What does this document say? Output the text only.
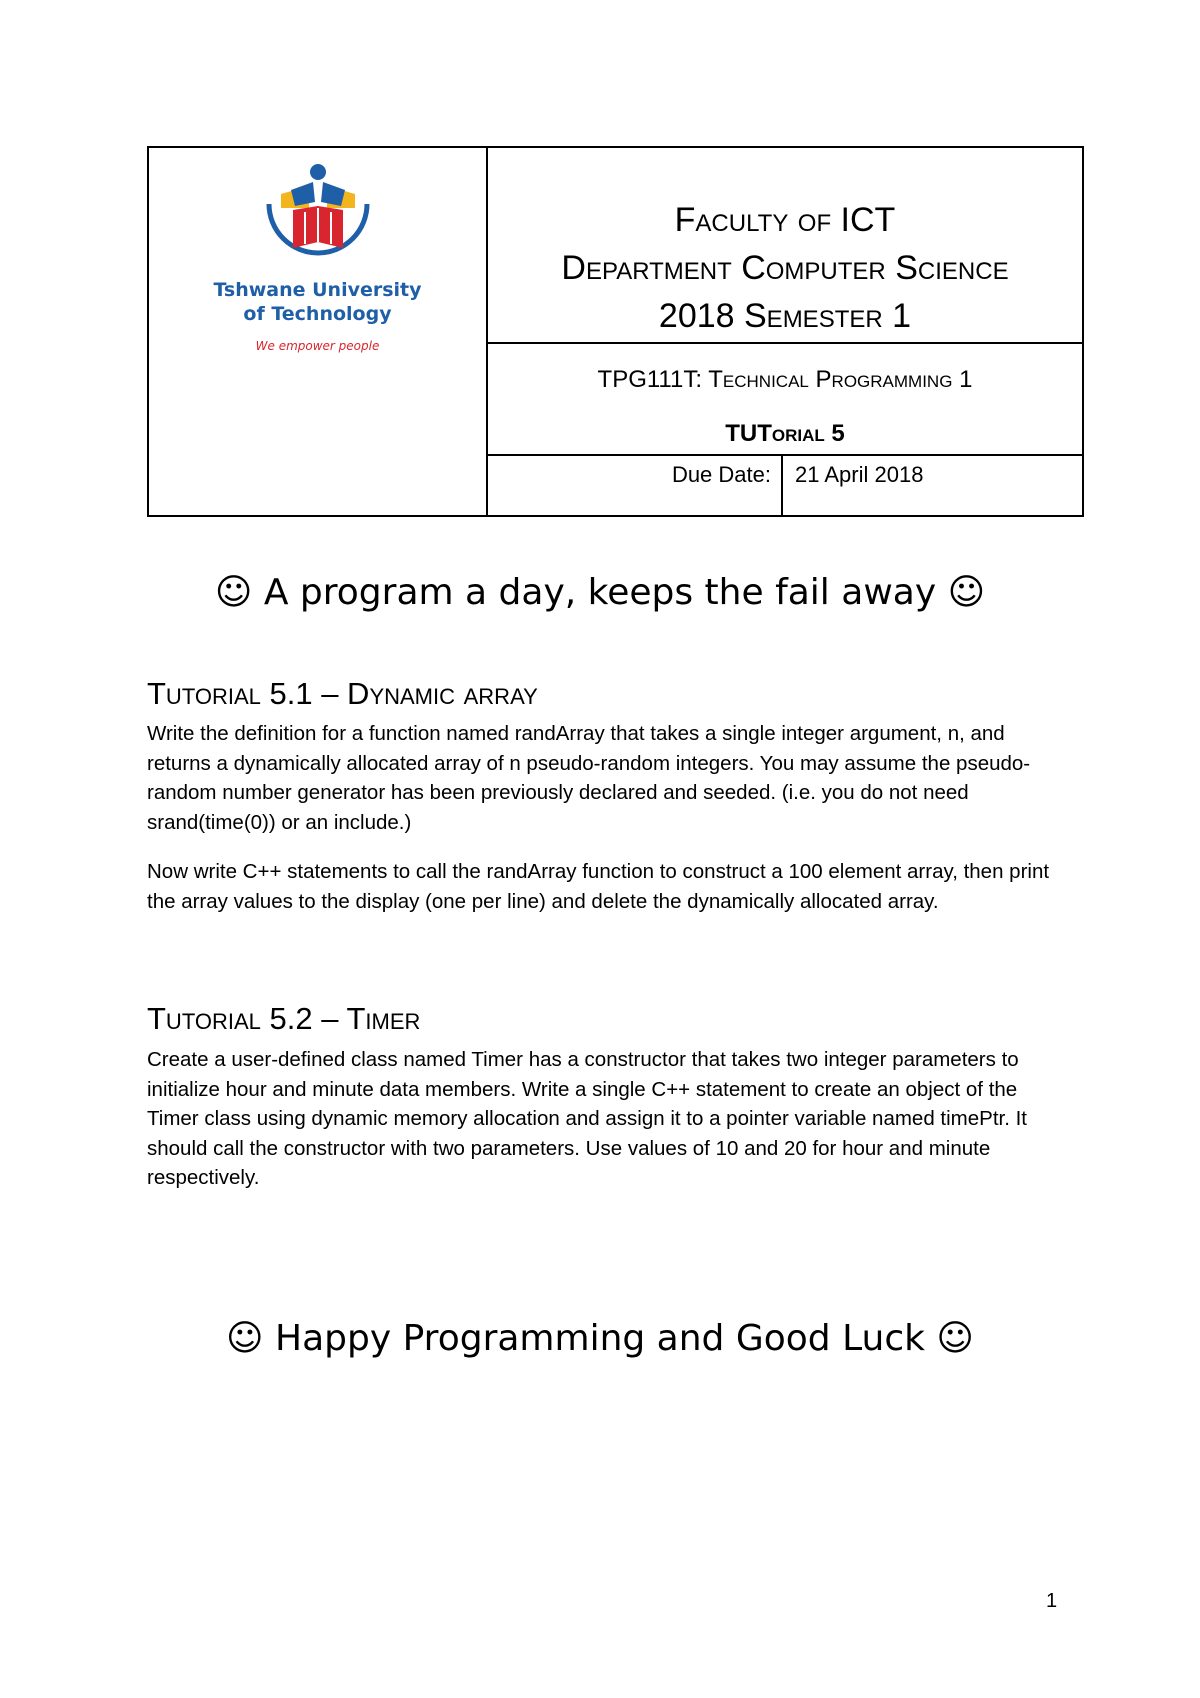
Tshwane University
of Technology
We empower people
Faculty of ICT
Department Computer Science
2018 Semester 1
TPG111T: Technical Programming 1
TUTorial 5
Due Date: 21 April 2018
☺ A program a day, keeps the fail away ☺
Tutorial 5.1 – Dynamic array
Write the definition for a function named randArray that takes a single integer argument, n, and returns a dynamically allocated array of n pseudo-random integers. You may assume the pseudo-random number generator has been previously declared and seeded. (i.e. you do not need srand(time(0)) or an include.)
Now write C++ statements to call the randArray function to construct a 100 element array, then print the array values to the display (one per line) and delete the dynamically allocated array.
Tutorial 5.2 – Timer
Create a user-defined class named Timer has a constructor that takes two integer parameters to initialize hour and minute data members. Write a single C++ statement to create an object of the Timer class using dynamic memory allocation and assign it to a pointer variable named timePtr. It should call the constructor with two parameters. Use values of 10 and 20 for hour and minute respectively.
☺ Happy Programming and Good Luck ☺
1
